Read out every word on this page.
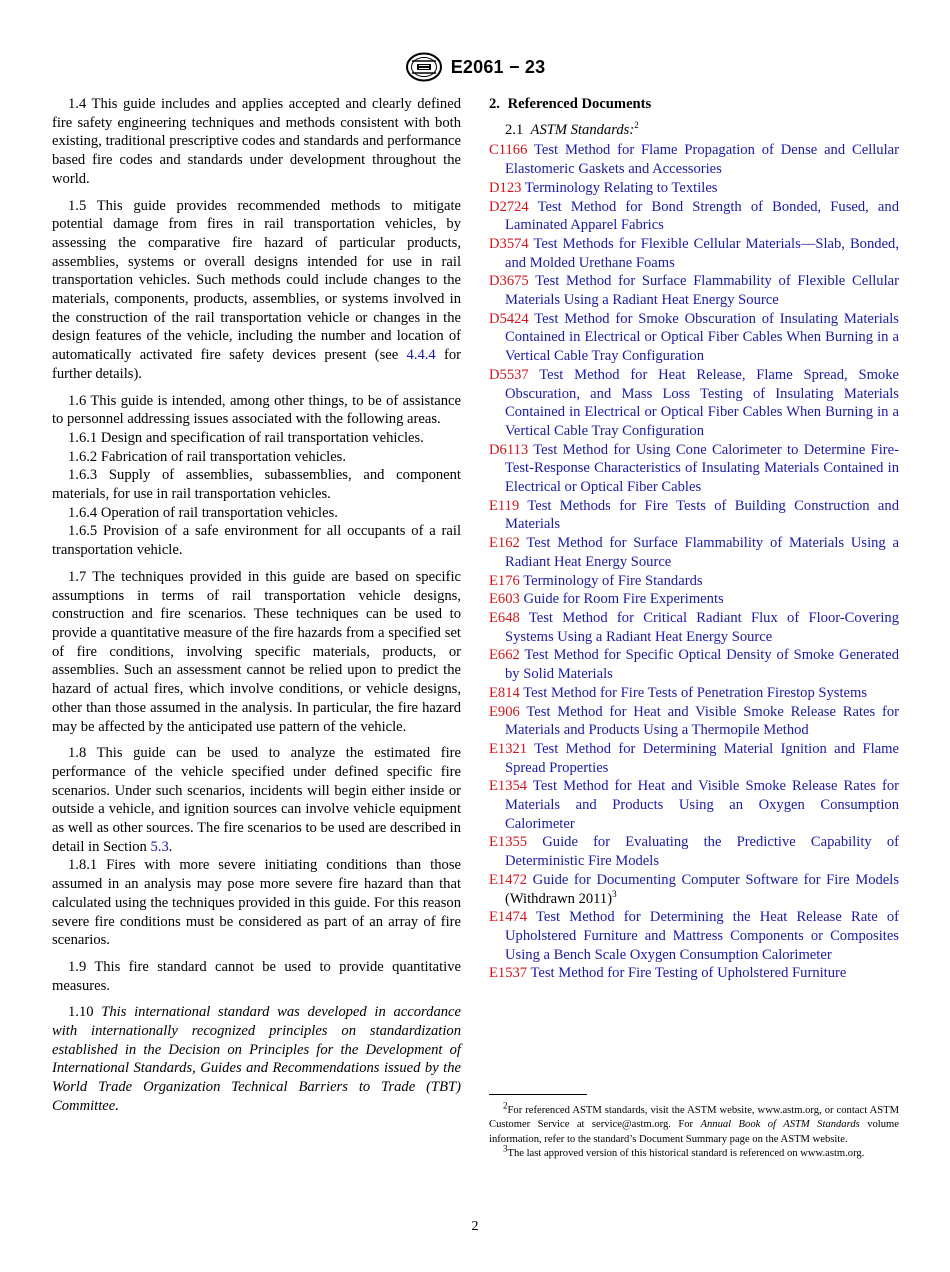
E2061 − 23

1.4 This guide includes and applies accepted and clearly defined fire safety engineering techniques and methods consistent with both existing, traditional prescriptive codes and standards and performance based fire codes and standards under development throughout the world.

1.5 This guide provides recommended methods to mitigate potential damage from fires in rail transportation vehicles, by assessing the comparative fire hazard of particular products, assemblies, systems or overall designs intended for use in rail transportation vehicles. Such methods could include changes to the materials, components, products, assemblies, or systems involved in the construction of the rail transportation vehicle or changes in the design features of the vehicle, including the number and location of automatically activated fire safety devices present (see 4.4.4 for further details).

1.6 This guide is intended, among other things, to be of assistance to personnel addressing issues associated with the following areas.

1.6.1 Design and specification of rail transportation vehicles.

1.6.2 Fabrication of rail transportation vehicles.

1.6.3 Supply of assemblies, subassemblies, and component materials, for use in rail transportation vehicles.

1.6.4 Operation of rail transportation vehicles.

1.6.5 Provision of a safe environment for all occupants of a rail transportation vehicle.

1.7 The techniques provided in this guide are based on specific assumptions in terms of rail transportation vehicle designs, construction and fire scenarios. These techniques can be used to provide a quantitative measure of the fire hazards from a specified set of fire conditions, involving specific materials, products, or assemblies. Such an assessment cannot be relied upon to predict the hazard of actual fires, which involve conditions, or vehicle designs, other than those assumed in the analysis. In particular, the fire hazard may be affected by the anticipated use pattern of the vehicle.

1.8 This guide can be used to analyze the estimated fire performance of the vehicle specified under defined specific fire scenarios. Under such scenarios, incidents will begin either inside or outside a vehicle, and ignition sources can involve vehicle equipment as well as other sources. The fire scenarios to be used are described in detail in Section 5.3.

1.8.1 Fires with more severe initiating conditions than those assumed in an analysis may pose more severe fire hazard than that calculated using the techniques provided in this guide. For this reason severe fire conditions must be considered as part of an array of fire scenarios.

1.9 This fire standard cannot be used to provide quantitative measures.

1.10 This international standard was developed in accordance with internationally recognized principles on standardization established in the Decision on Principles for the Development of International Standards, Guides and Recommendations issued by the World Trade Organization Technical Barriers to Trade (TBT) Committee.

2. Referenced Documents
2.1 ASTM Standards:$^2$
C1166 Test Method for Flame Propagation of Dense and Cellular Elastomeric Gaskets and Accessories
D123 Terminology Relating to Textiles
D2724 Test Method for Bond Strength of Bonded, Fused, and Laminated Apparel Fabrics
D3574 Test Methods for Flexible Cellular Materials—Slab, Bonded, and Molded Urethane Foams
D3675 Test Method for Surface Flammability of Flexible Cellular Materials Using a Radiant Heat Energy Source
D5424 Test Method for Smoke Obscuration of Insulating Materials Contained in Electrical or Optical Fiber Cables When Burning in a Vertical Cable Tray Configuration
D5537 Test Method for Heat Release, Flame Spread, Smoke Obscuration, and Mass Loss Testing of Insulating Materials Contained in Electrical or Optical Fiber Cables When Burning in a Vertical Cable Tray Configuration
D6113 Test Method for Using Cone Calorimeter to Determine Fire-Test-Response Characteristics of Insulating Materials Contained in Electrical or Optical Fiber Cables
E119 Test Methods for Fire Tests of Building Construction and Materials
E162 Test Method for Surface Flammability of Materials Using a Radiant Heat Energy Source
E176 Terminology of Fire Standards
E603 Guide for Room Fire Experiments
E648 Test Method for Critical Radiant Flux of Floor-Covering Systems Using a Radiant Heat Energy Source
E662 Test Method for Specific Optical Density of Smoke Generated by Solid Materials
E814 Test Method for Fire Tests of Penetration Firestop Systems
E906 Test Method for Heat and Visible Smoke Release Rates for Materials and Products Using a Thermopile Method
E1321 Test Method for Determining Material Ignition and Flame Spread Properties
E1354 Test Method for Heat and Visible Smoke Release Rates for Materials and Products Using an Oxygen Consumption Calorimeter
E1355 Guide for Evaluating the Predictive Capability of Deterministic Fire Models
E1472 Guide for Documenting Computer Software for Fire Models (Withdrawn 2011)$^3$
E1474 Test Method for Determining the Heat Release Rate of Upholstered Furniture and Mattress Components or Composites Using a Bench Scale Oxygen Consumption Calorimeter
E1537 Test Method for Fire Testing of Upholstered Furniture

$^2$For referenced ASTM standards, visit the ASTM website, www.astm.org, or contact ASTM Customer Service at service@astm.org. For Annual Book of ASTM Standards volume information, refer to the standard’s Document Summary page on the ASTM website.

$^3$The last approved version of this historical standard is referenced on www.astm.org.

2
